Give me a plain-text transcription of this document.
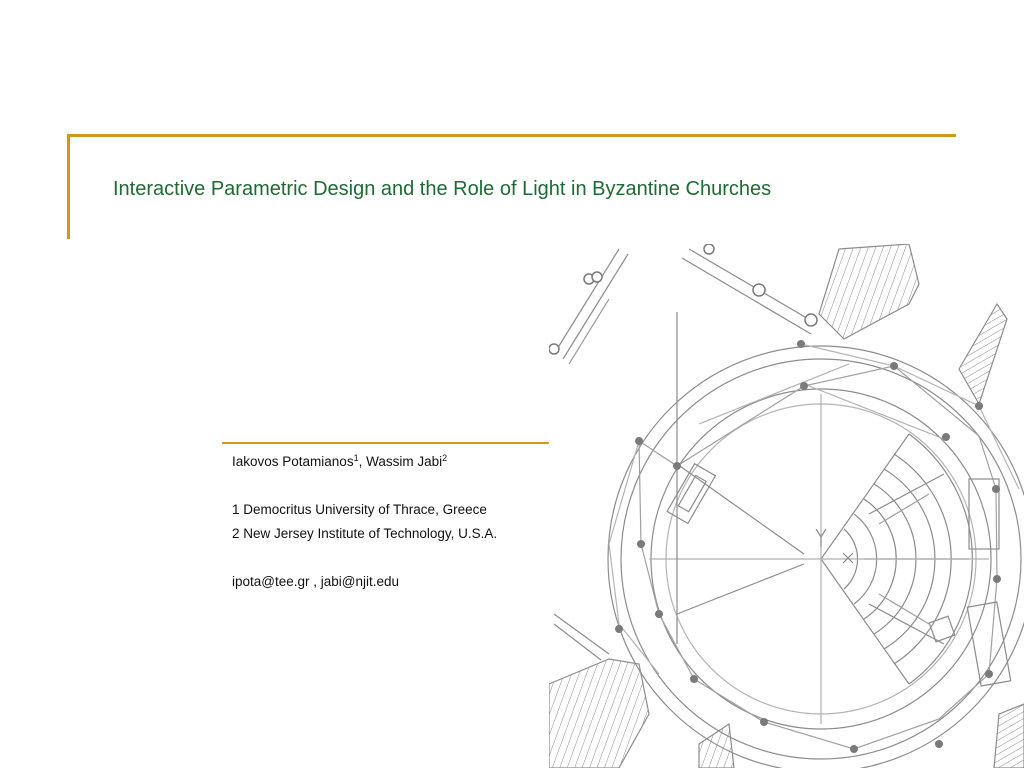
Interactive Parametric Design and the Role of Light in Byzantine Churches

Iakovos Potamianos$^1$, Wassim Jabi$^2$

1 Democritus University of Thrace, Greece

2 New Jersey Institute of Technology, U.S.A.

ipota@tee.gr , jabi@njit.edu
